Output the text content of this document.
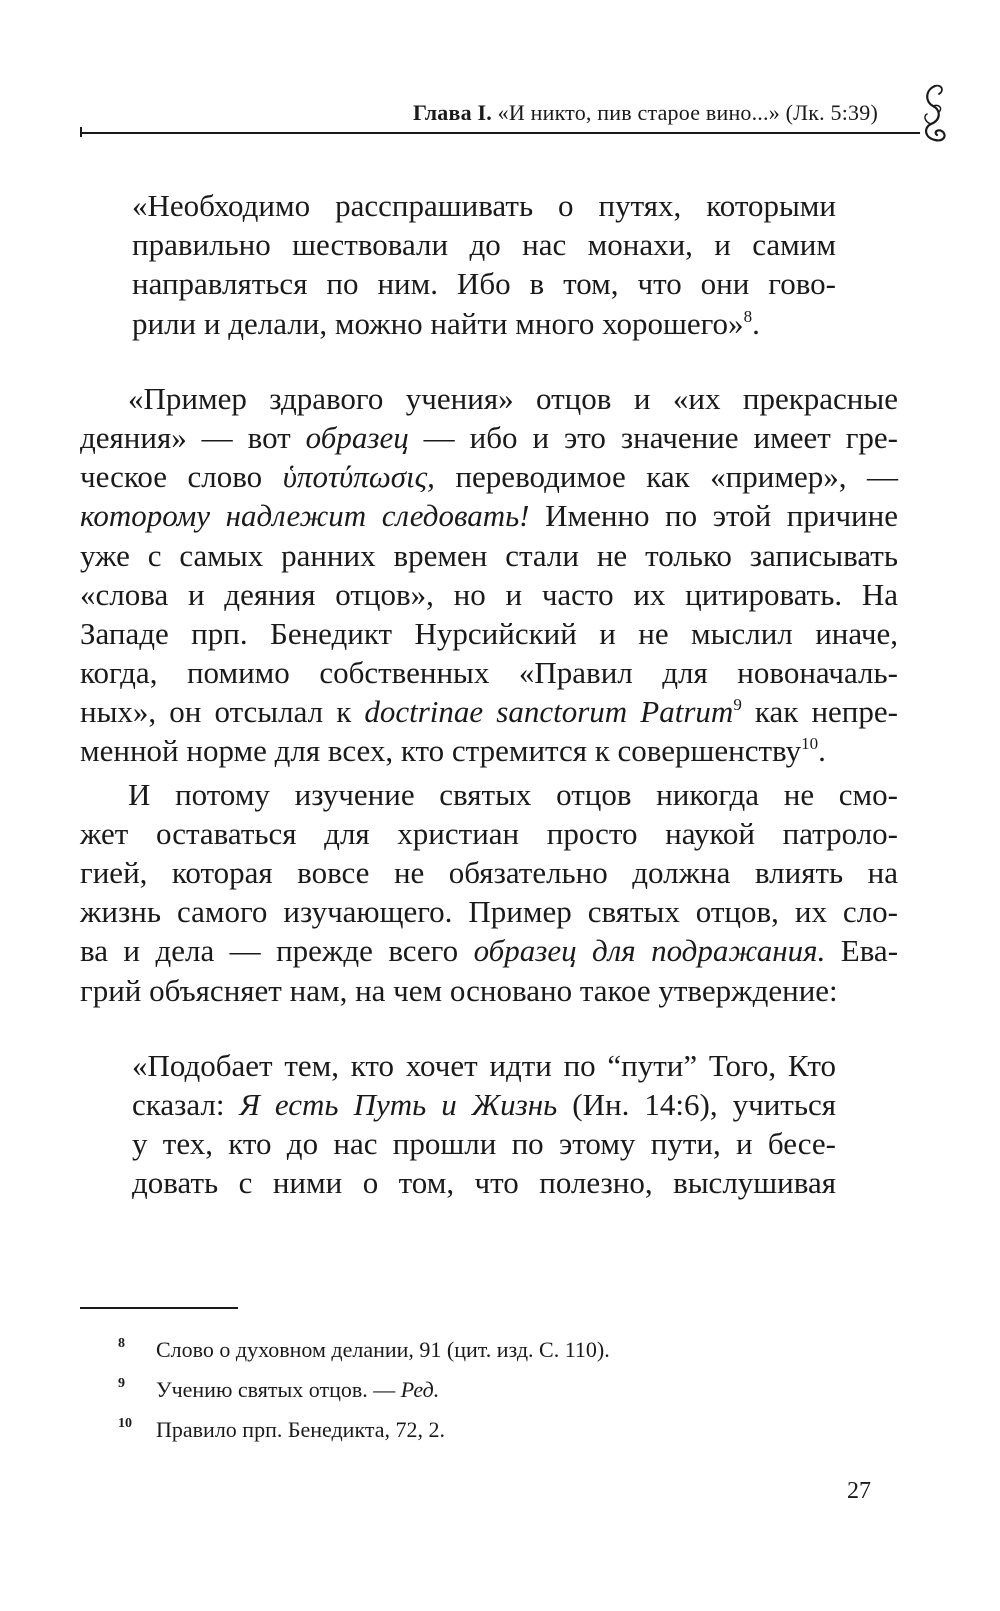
Глава I. «И никто, пив старое вино...» (Лк. 5:39)
«Необходимо расспрашивать о путях, которыми
правильно шествовали до нас монахи, и самим
направляться по ним. Ибо в том, что они гово-
рили и делали, можно найти много хорошего»$^8$.
«Пример здравого учения» отцов и «их прекрасные
деяния» — вот образец — ибо и это значение имеет гре-
ческое слово ὑποτύπωσις, переводимое как «пример», —
которому надлежит следовать! Именно по этой причине
уже с самых ранних времен стали не только записывать
«слова и деяния отцов», но и часто их цитировать. На
Западе прп. Бенедикт Нурсийский и не мыслил иначе,
когда, помимо собственных «Правил для новоначаль-
ных», он отсылал к doctrinae sanctorum Patrum$^9$ как непре-
менной норме для всех, кто стремится к совершенству$^{10}$.
И потому изучение святых отцов никогда не смо-
жет оставаться для христиан просто наукой патроло-
гией, которая вовсе не обязательно должна влиять на
жизнь самого изучающего. Пример святых отцов, их сло-
ва и дела — прежде всего образец для подражания. Ева-
грий объясняет нам, на чем основано такое утверждение:
«Подобает тем, кто хочет идти по “пути” Того, Кто
сказал: Я есть Путь и Жизнь (Ин. 14:6), учиться
у тех, кто до нас прошли по этому пути, и бесе-
довать с ними о том, что полезно, выслушивая
8 Слово о духовном делании, 91 (цит. изд. С. 110).
9 Учению святых отцов. — Ред.
10 Правило прп. Бенедикта, 72, 2.
27
